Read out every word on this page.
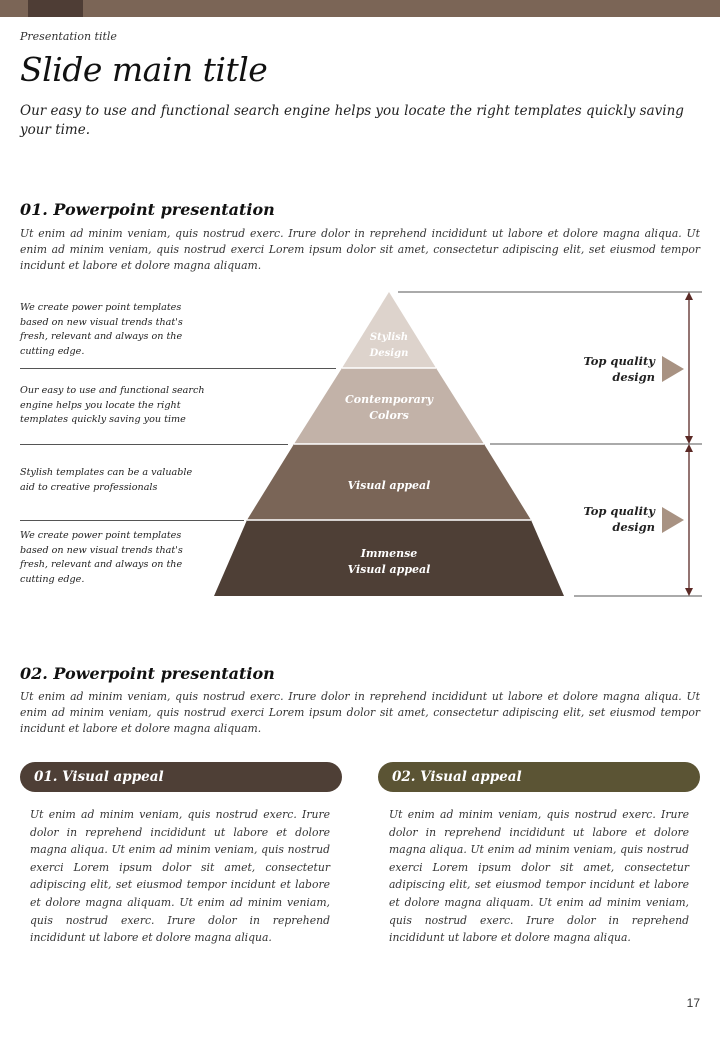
Presentation title
Slide main title
Our easy to use and functional search engine helps you locate the right templates quickly saving your time.
01. Powerpoint presentation
Ut enim ad minim veniam, quis nostrud exerc. Irure dolor in reprehend incididunt ut labore et dolore magna aliqua. Ut enim ad minim veniam, quis nostrud exerci Lorem ipsum dolor sit amet, consectetur adipiscing elit, set eiusmod tempor incidunt et labore et dolore magna aliquam.
We create power point templates based on new visual trends that's fresh, relevant and always on the cutting edge.
Our easy to use and functional search engine helps you locate the right templates quickly saving you time
Stylish templates can be a valuable aid to creative professionals
We create power point templates based on new visual trends that's fresh, relevant and always on the cutting edge.
Stylish
Design
Contemporary
Colors
Visual appeal
Immense
Visual appeal
Top quality
design
Top quality
design
02. Powerpoint presentation
Ut enim ad minim veniam, quis nostrud exerc. Irure dolor in reprehend incididunt ut labore et dolore magna aliqua. Ut enim ad minim veniam, quis nostrud exerci Lorem ipsum dolor sit amet, consectetur adipiscing elit, set eiusmod tempor incidunt et labore et dolore magna aliquam.
01. Visual appeal	02. Visual appeal
Ut enim ad minim veniam, quis nostrud exerc. Irure dolor in reprehend incididunt ut labore et dolore magna aliqua. Ut enim ad minim veniam, quis nostrud exerci Lorem ipsum dolor sit amet, consectetur adipiscing elit, set eiusmod tempor incidunt et labore et dolore magna aliquam. Ut enim ad minim veniam, quis nostrud exerc. Irure dolor in reprehend incididunt ut labore et dolore magna aliqua.
Ut enim ad minim veniam, quis nostrud exerc. Irure dolor in reprehend incididunt ut labore et dolore magna aliqua. Ut enim ad minim veniam, quis nostrud exerci Lorem ipsum dolor sit amet, consectetur adipiscing elit, set eiusmod tempor incidunt et labore et dolore magna aliquam. Ut enim ad minim veniam, quis nostrud exerc. Irure dolor in reprehend incididunt ut labore et dolore magna aliqua.
17
